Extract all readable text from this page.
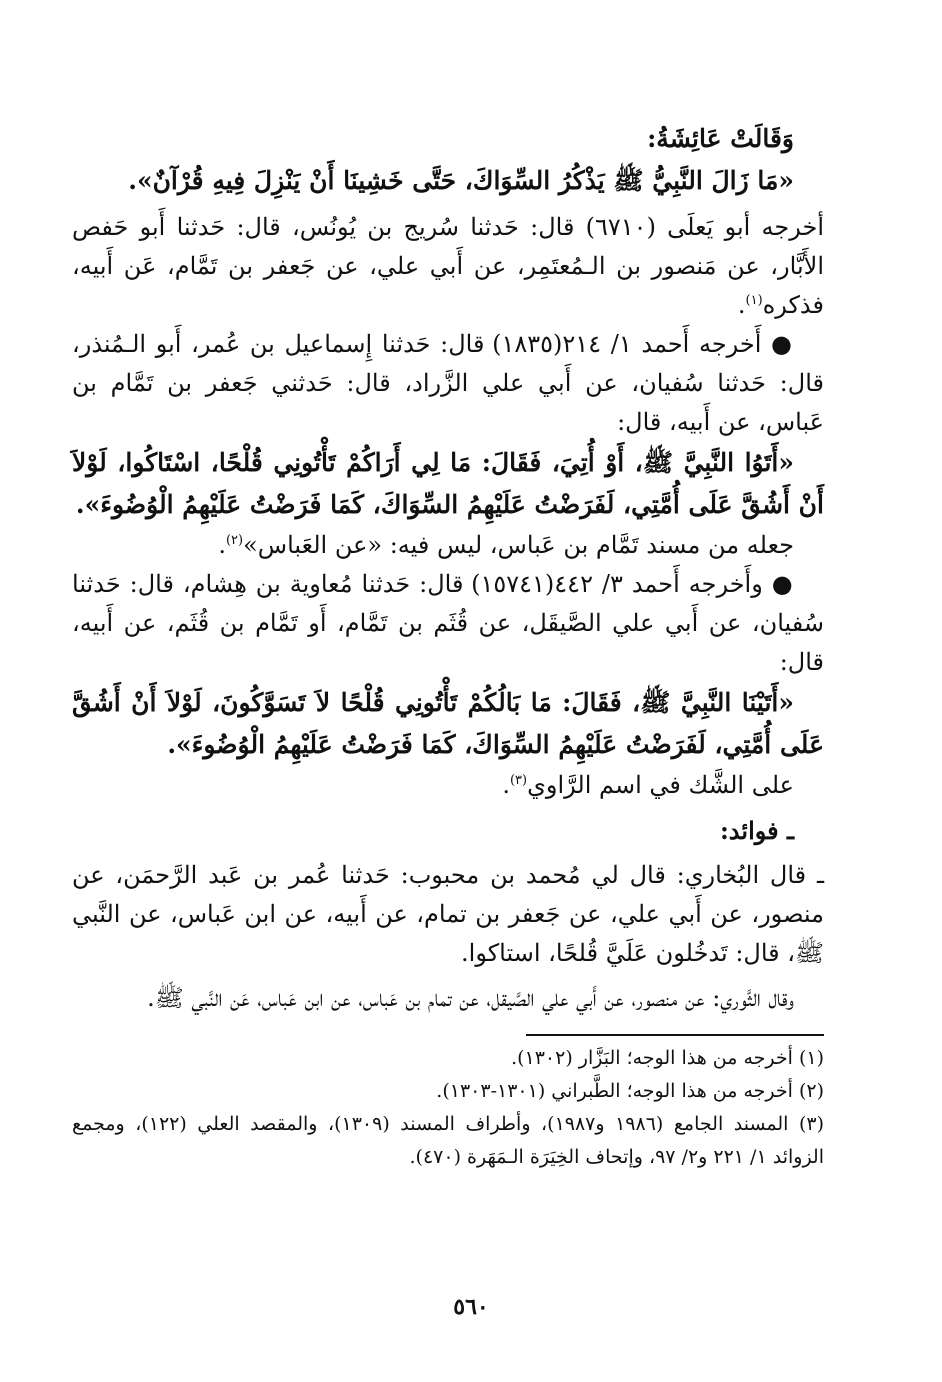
وَقَالَتْ عَائِشَةُ:

«مَا زَالَ النَّبِيُّ ﷺ يَذْكُرُ السِّوَاكَ، حَتَّى خَشِينَا أَنْ يَنْزِلَ فِيهِ قُرْآنٌ».

أخرجه أبو يَعلَى (٦٧١٠) قال: حَدثنا سُريج بن يُونُس، قال: حَدثنا أَبو حَفص الأَبَّار، عن مَنصور بن الـمُعتَمِر، عن أَبي علي، عن جَعفر بن تَمَّام، عَن أَبيه، فذكره$^{(١)}$.

● أَخرجه أَحمد ١/ ٢١٤(١٨٣٥) قال: حَدثنا إِسماعيل بن عُمر، أَبو الـمُنذر، قال: حَدثنا سُفيان، عن أَبي علي الزَّراد، قال: حَدثني جَعفر بن تَمَّام بن عَباس، عن أَبيه، قال:

«أَتَوُا النَّبِيَّ ﷺ، أَوْ أُتِيَ، فَقَالَ: مَا لِي أَرَاكُمْ تَأْتُونِي قُلْحًا، اسْتَاكُوا، لَوْلاَ أَنْ أَشُقَّ عَلَى أُمَّتِي، لَفَرَضْتُ عَلَيْهِمُ السِّوَاكَ، كَمَا فَرَضْتُ عَلَيْهِمُ الْوُضُوءَ».

جعله من مسند تَمَّام بن عَباس، ليس فيه: «عن العَباس»$^{(٢)}$.

● وأَخرجه أَحمد ٣/ ٤٤٢(١٥٧٤١) قال: حَدثنا مُعاوية بن هِشام، قال: حَدثنا سُفيان، عن أَبي علي الصَّيقَل، عن قُثَم بن تَمَّام، أَو تَمَّام بن قُثَم، عن أَبيه، قال:

«أَتَيْنَا النَّبِيَّ ﷺ، فَقَالَ: مَا بَالُكُمْ تَأْتُونِي قُلْحًا لاَ تَسَوَّكُونَ، لَوْلاَ أَنْ أَشُقَّ عَلَى أُمَّتِي، لَفَرَضْتُ عَلَيْهِمُ السِّوَاكَ، كَمَا فَرَضْتُ عَلَيْهِمُ الْوُضُوءَ».

على الشَّك في اسم الرَّاوي$^{(٣)}$.

ـ فوائد:

ـ قال البُخاري: قال لي مُحمد بن محبوب: حَدثنا عُمر بن عَبد الرَّحمَن، عن منصور، عن أَبي علي، عن جَعفر بن تمام، عن أَبيه، عن ابن عَباس، عن النَّبي ﷺ، قال: تَدخُلون عَلَيَّ قُلحًا، استاكوا.

وقال الثَّوري: عن منصور، عن أَبي علي الصَّيقل، عن تمام بن عَباس، عن ابن عَباس، عَن النَّبي ﷺ.

(١) أخرجه من هذا الوجه؛ البَزَّار (١٣٠٢).

(٢) أخرجه من هذا الوجه؛ الطَّبراني (١٣٠١-١٣٠٣).

(٣) المسند الجامع (١٩٨٦ و١٩٨٧)، وأطراف المسند (١٣٠٩)، والمقصد العلي (١٢٢)، ومجمع الزوائد ١/ ٢٢١ و٢/ ٩٧، وإتحاف الخِيَرَة الـمَهَرة (٤٧٠).

٥٦٠
